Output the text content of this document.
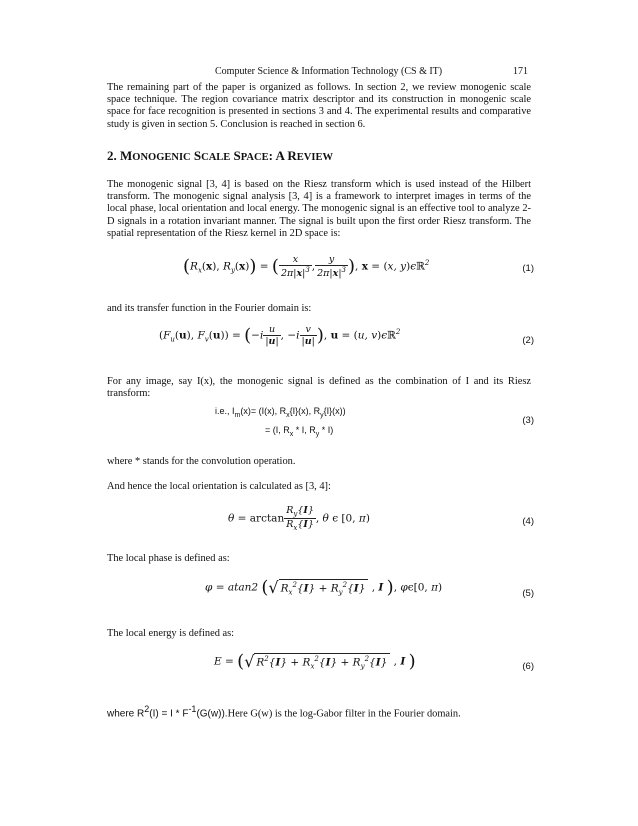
Computer Science & Information Technology (CS & IT)	171
The remaining part of the paper is organized as follows. In section 2, we review monogenic scale space technique. The region covariance matrix descriptor and its construction in monogenic scale space for face recognition is presented in sections 3 and 4. The experimental results and comparative study is given in section 5. Conclusion is reached in section 6.
2. MONOGENIC SCALE SPACE: A REVIEW
The monogenic signal [3, 4] is based on the Riesz transform which is used instead of the Hilbert transform. The monogenic signal analysis [3, 4] is a framework to interpret images in terms of the local phase, local orientation and local energy. The monogenic signal is an effective tool to analyze 2-D signals in a rotation invariant manner. The signal is built upon the first order Riesz transform. The spatial representation of the Riesz kernel in 2D space is:
($R_x(x)$, $R_y(x)$) = ( $\frac{x}{2\pi|x|^3}$ , $\frac{y}{2\pi|x|^3}$ ), x = (x, y)ϵℝ$^2$	(1)
and its transfer function in the Fourier domain is:
($F_u(u)$, $F_v(u)) = (-i \frac{u}{|u|}$ , $-i \frac{v}{|u|}$ ), u = (u, v)ϵℝ$^2$
(2)
For any image, say I(x), the monogenic signal is defined as the combination of I and its Riesz transform:
i.e., $I_m(x)= (I(x)$, $R_x\{I\}(x)$, $R_y\{I\}(x)$)
= (I, $R_x$ * I, $R_y * I$)
(3)
where * stands for the convolution operation.
And hence the local orientation is calculated as [3, 4]:
$\theta = \arctan \frac{R_y\{I\}}{R_x\{I\}}$ , θ ϵ [0, π)	(4)
The local phase is defined as:
φ = atan2 (√ $R_x^2\{I\} + R_y^2\{I\}$ , I ), φϵ[0, π)	(5)
The local energy is defined as:
E = (√ $R^2\{I\} + R_x^2\{I\} + R_y^2\{I\}$ , I )	(6)
where $R^2(I) = I$ * $F^{-1}(G(w)).Here$ G(w) is the log-Gabor filter in the Fourier domain.
